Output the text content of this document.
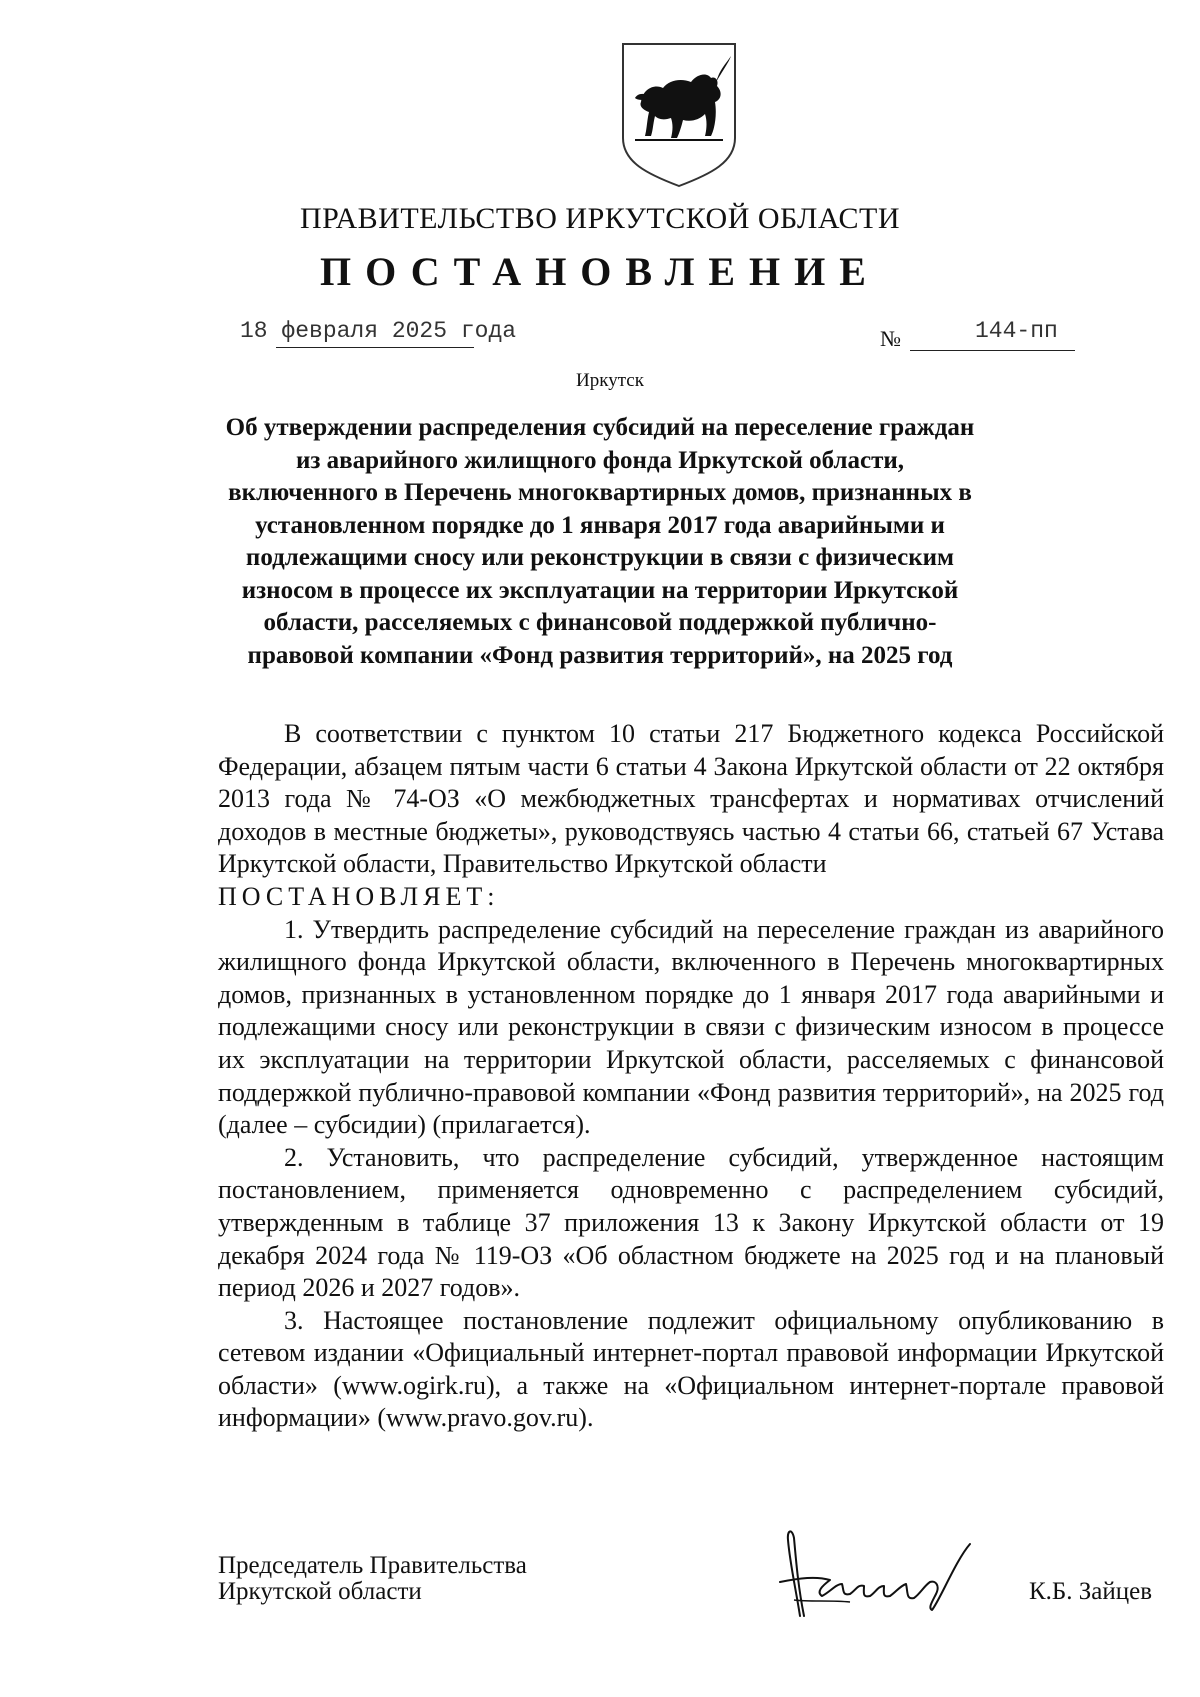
ПРАВИТЕЛЬСТВО ИРКУТСКОЙ ОБЛАСТИ
ПОСТАНОВЛЕНИЕ
18 февраля 2025 года	№	144-пп
Иркутск
Об утверждении распределения субсидий на переселение граждан из аварийного жилищного фонда Иркутской области, включенного в Перечень многоквартирных домов, признанных в установленном порядке до 1 января 2017 года аварийными и подлежащими сносу или реконструкции в связи с физическим износом в процессе их эксплуатации на территории Иркутской области, расселяемых с финансовой поддержкой публично-правовой компании «Фонд развития территорий», на 2025 год

В соответствии с пунктом 10 статьи 217 Бюджетного кодекса Российской Федерации, абзацем пятым части 6 статьи 4 Закона Иркутской области от 22 октября 2013 года № 74-ОЗ «О межбюджетных трансфертах и нормативах отчислений доходов в местные бюджеты», руководствуясь частью 4 статьи 66, статьей 67 Устава Иркутской области, Правительство Иркутской области

ПОСТАНОВЛЯЕТ:

1. Утвердить распределение субсидий на переселение граждан из аварийного жилищного фонда Иркутской области, включенного в Перечень многоквартирных домов, признанных в установленном порядке до 1 января 2017 года аварийными и подлежащими сносу или реконструкции в связи с физическим износом в процессе их эксплуатации на территории Иркутской области, расселяемых с финансовой поддержкой публично-правовой компании «Фонд развития территорий», на 2025 год (далее – субсидии) (прилагается).

2. Установить, что распределение субсидий, утвержденное настоящим постановлением, применяется одновременно с распределением субсидий, утвержденным в таблице 37 приложения 13 к Закону Иркутской области от 19 декабря 2024 года № 119-ОЗ «Об областном бюджете на 2025 год и на плановый период 2026 и 2027 годов».

3. Настоящее постановление подлежит официальному опубликованию в сетевом издании «Официальный интернет-портал правовой информации Иркутской области» (www.ogirk.ru), а также на «Официальном интернет-портале правовой информации» (www.pravo.gov.ru).

Председатель Правительства
Иркутской области	К.Б. Зайцев
